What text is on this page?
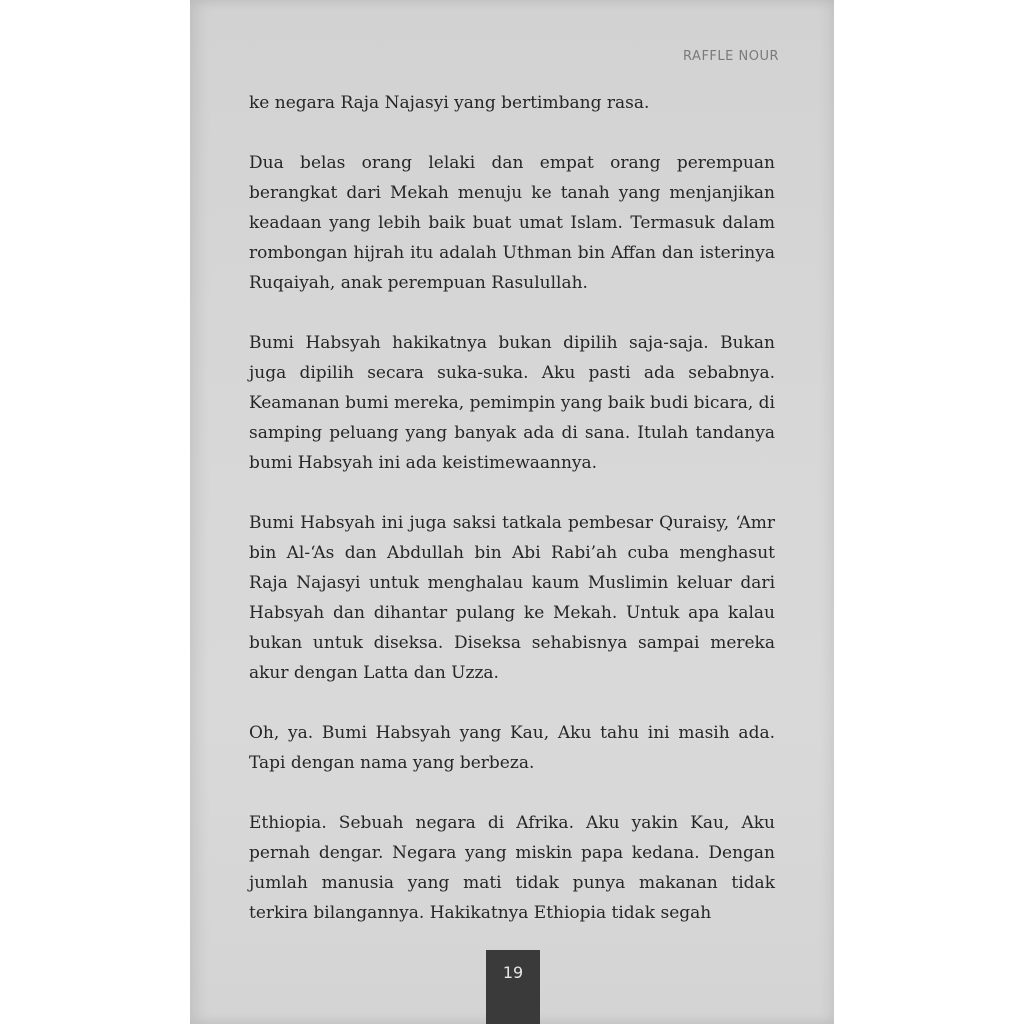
RAFFLE NOUR

ke negara Raja Najasyi yang bertimbang rasa.

Dua belas orang lelaki dan empat orang perempuan berangkat dari Mekah menuju ke tanah yang menjanjikan keadaan yang lebih baik buat umat Islam. Termasuk dalam rombongan hijrah itu adalah Uthman bin Affan dan isterinya Ruqaiyah, anak perempuan Rasulullah.

Bumi Habsyah hakikatnya bukan dipilih saja-saja. Bukan juga dipilih secara suka-suka. Aku pasti ada sebabnya. Keamanan bumi mereka, pemimpin yang baik budi bicara, di samping peluang yang banyak ada di sana. Itulah tandanya bumi Habsyah ini ada keistimewaannya.

Bumi Habsyah ini juga saksi tatkala pembesar Quraisy, ‘Amr bin Al-‘As dan Abdullah bin Abi Rabi’ah cuba menghasut Raja Najasyi untuk menghalau kaum Muslimin keluar dari Habsyah dan dihantar pulang ke Mekah. Untuk apa kalau bukan untuk diseksa. Diseksa sehabisnya sampai mereka akur dengan Latta dan Uzza.

Oh, ya. Bumi Habsyah yang Kau, Aku tahu ini masih ada. Tapi dengan nama yang berbeza.

Ethiopia. Sebuah negara di Afrika. Aku yakin Kau, Aku pernah dengar. Negara yang miskin papa kedana. Dengan jumlah manusia yang mati tidak punya makanan tidak terkira bilangannya. Hakikatnya Ethiopia tidak segah

19
